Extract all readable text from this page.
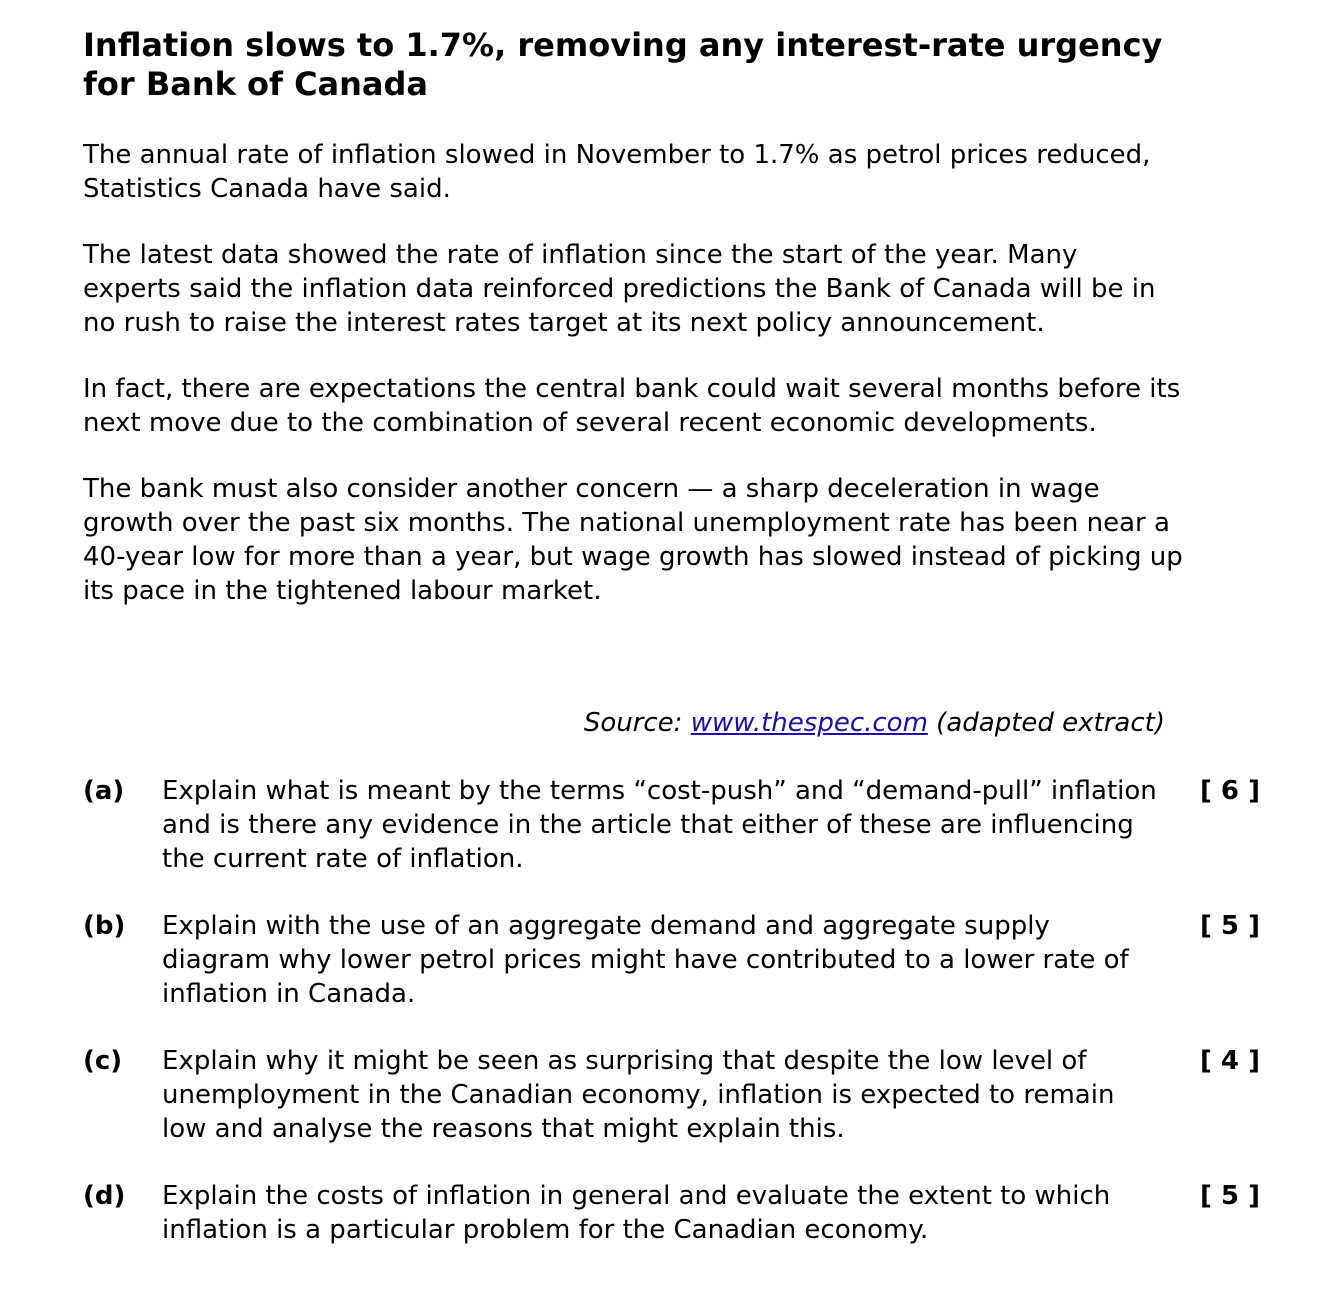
Inflation slows to 1.7%, removing any interest-rate urgency for Bank of Canada

The annual rate of inflation slowed in November to 1.7% as petrol prices reduced, Statistics Canada have said.

The latest data showed the rate of inflation since the start of the year. Many experts said the inflation data reinforced predictions the Bank of Canada will be in no rush to raise the interest rates target at its next policy announcement.

In fact, there are expectations the central bank could wait several months before its next move due to the combination of several recent economic developments.

The bank must also consider another concern — a sharp deceleration in wage growth over the past six months. The national unemployment rate has been near a 40-year low for more than a year, but wage growth has slowed instead of picking up its pace in the tightened labour market.

Source: www.thespec.com (adapted extract)
(a)	Explain what is meant by the terms “cost-push” and “demand-pull” inflation and is there any evidence in the article that either of these are influencing the current rate of inflation.
[ 6 ]
(b)	Explain with the use of an aggregate demand and aggregate supply diagram why lower petrol prices might have contributed to a lower rate of inflation in Canada.
[ 5 ]
(c)	Explain why it might be seen as surprising that despite the low level of unemployment in the Canadian economy, inflation is expected to remain low and analyse the reasons that might explain this.
[ 4 ]
(d)	Explain the costs of inflation in general and evaluate the extent to which inflation is a particular problem for the Canadian economy.
[ 5 ]
